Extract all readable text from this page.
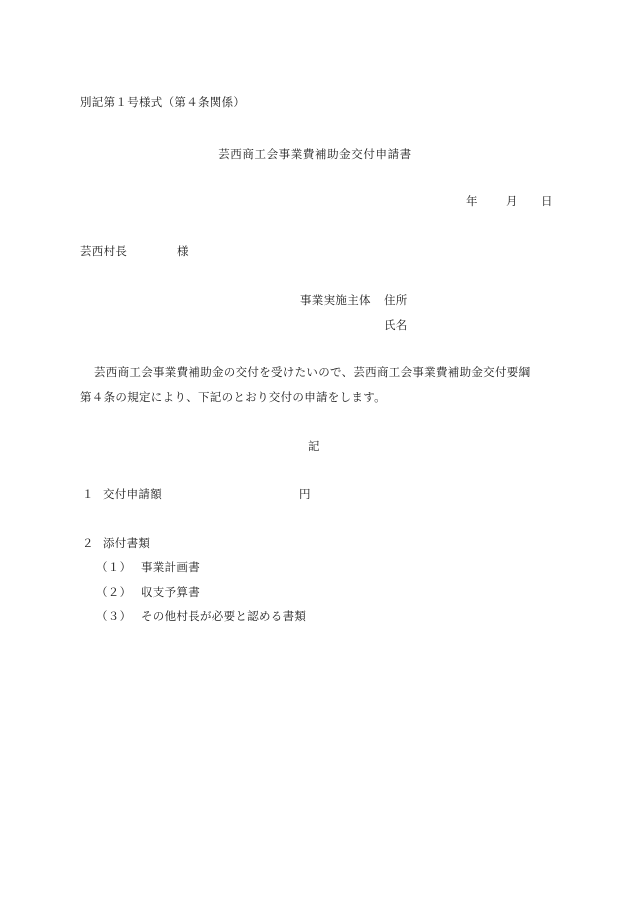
別記第１号様式（第４条関係）
芸西商工会事業費補助金交付申請書
年 月 日
芸西村長	様
事業実施主体 住所
氏名
芸西商工会事業費補助金の交付を受けたいので、芸西商工会事業費補助金交付要綱
第４条の規定により、下記のとおり交付の申請をします。
記
１ 交付申請額	円
２ 添付書類
（１） 事業計画書
（２） 収支予算書
（３） その他村長が必要と認める書類
